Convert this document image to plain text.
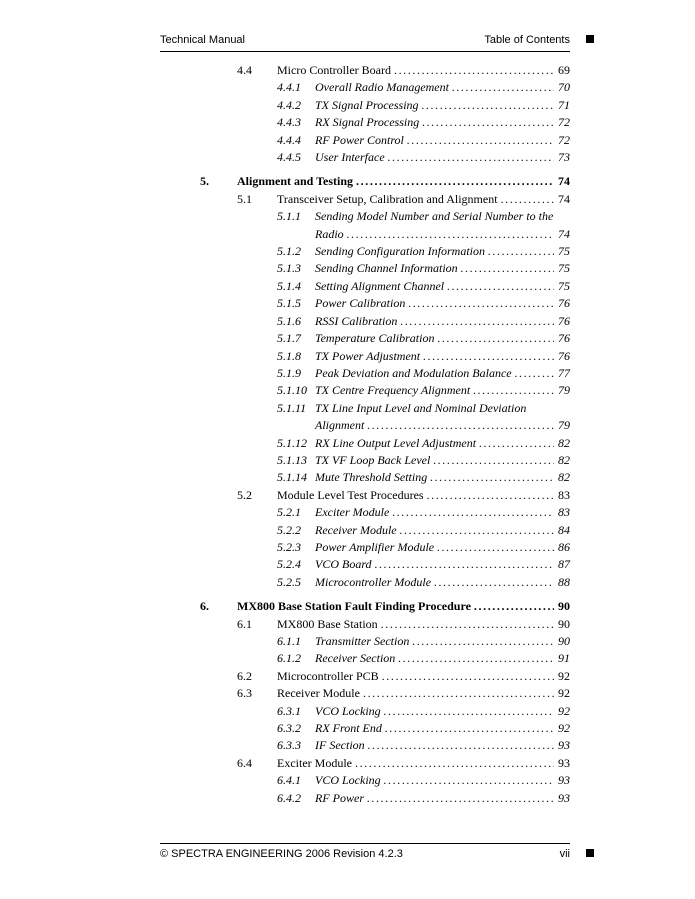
Technical Manual	Table of Contents
4.4	Micro Controller Board .....	69
4.4.1	Overall Radio Management .....	70
4.4.2	TX Signal Processing .....	71
4.4.3	RX Signal Processing .....	72
4.4.4	RF Power Control .....	72
4.4.5	User Interface .....	73
5.	Alignment and Testing .....	74
5.1	Transceiver Setup, Calibration and Alignment .....	74
5.1.1	Sending Model Number and Serial Number to the
Radio .....	74
5.1.2	Sending Configuration Information .....	75
5.1.3	Sending Channel Information .....	75
5.1.4	Setting Alignment Channel .....	75
5.1.5	Power Calibration .....	76
5.1.6	RSSI Calibration .....	76
5.1.7	Temperature Calibration .....	76
5.1.8	TX Power Adjustment .....	76
5.1.9	Peak Deviation and Modulation Balance .....	77
5.1.10 TX Centre Frequency Alignment .....	79
5.1.11 TX Line Input Level and Nominal Deviation
Alignment .....	79
5.1.12 RX Line Output Level Adjustment .....	82
5.1.13 TX VF Loop Back Level .....	82
5.1.14 Mute Threshold Setting .....	82
5.2	Module Level Test Procedures .....	83
5.2.1	Exciter Module .....	83
5.2.2	Receiver Module .....	84
5.2.3	Power Amplifier Module .....	86
5.2.4	VCO Board .....	87
5.2.5	Microcontroller Module .....	88
6.	MX800 Base Station Fault Finding Procedure .....	90
6.1	MX800 Base Station .....	90
6.1.1	Transmitter Section .....	90
6.1.2	Receiver Section .....	91
6.2	Microcontroller PCB .....	92
6.3	Receiver Module .....	92
6.3.1	VCO Locking .....	92
6.3.2	RX Front End .....	92
6.3.3	IF Section .....	93
6.4	Exciter Module .....	93
6.4.1	VCO Locking .....	93
6.4.2	RF Power .....	93
© SPECTRA ENGINEERING 2006 Revision 4.2.3	vii
